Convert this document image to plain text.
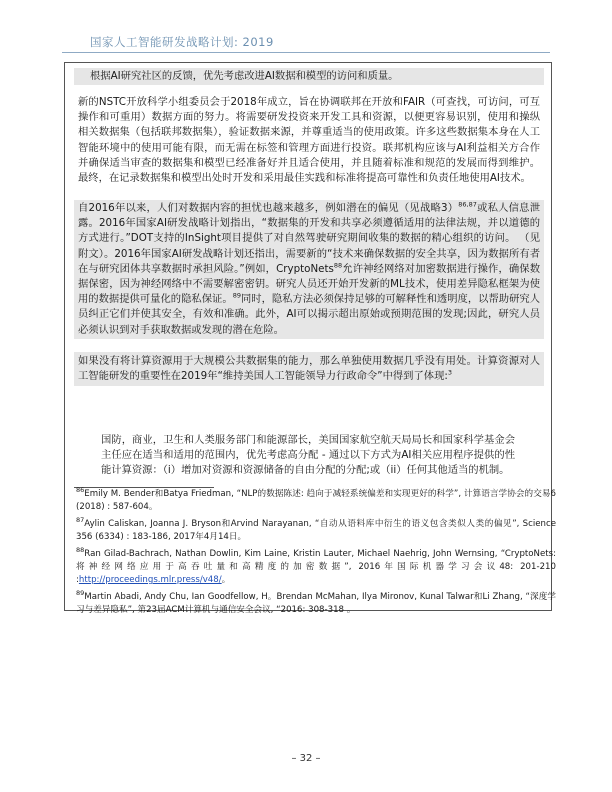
国家人工智能研发战略计划: 2019

根据AI研究社区的反馈，优先考虑改进AI数据和模型的访问和质量。

新的NSTC开放科学小组委员会于2018年成立，旨在协调联邦在开放和FAIR（可查找，可访问，可互操作和可重用）数据方面的努力。将需要研发投资来开发工具和资源，以便更容易识别，使用和操纵相关数据集（包括联邦数据集），验证数据来源，并尊重适当的使用政策。许多这些数据集本身在人工智能环境中的使用可能有限，而无需在标签和管理方面进行投资。联邦机构应该与AI利益相关方合作并确保适当审查的数据集和模型已经准备好并且适合使用，并且随着标准和规范的发展而得到维护。最终，在记录数据集和模型出处时开发和采用最佳实践和标准将提高可靠性和负责任地使用AI技术。

自2016年以来，人们对数据内容的担忧也越来越多，例如潜在的偏见（见战略3）$^{86,87}$或私人信息泄露。2016年国家AI研发战略计划指出，“数据集的开发和共享必须遵循适用的法律法规，并以道德的方式进行。”DOT支持的InSight项目提供了对自然驾驶研究期间收集的数据的精心组织的访问。 （见附文）。2016年国家AI研发战略计划还指出，需要新的“技术来确保数据的安全共享，因为数据所有者在与研究团体共享数据时承担风险。”例如，CryptoNets$^{88}$允许神经网络对加密数据进行操作，确保数据保密，因为神经网络中不需要解密密钥。研究人员还开始开发新的ML技术，使用差异隐私框架为使用的数据提供可量化的隐私保证。$^{89}$同时，隐私方法必须保持足够的可解释性和透明度，以帮助研究人员纠正它们并使其安全，有效和准确。此外，AI可以揭示超出原始或预期范围的发现;因此，研究人员必须认识到对手获取数据或发现的潜在危险。

如果没有将计算资源用于大规模公共数据集的能力，那么单独使用数据几乎没有用处。计算资源对人工智能研发的重要性在2019年“维持美国人工智能领导力行政命令”中得到了体现:$^3$

国防，商业，卫生和人类服务部门和能源部长，美国国家航空航天局局长和国家科学基金会主任应在适当和适用的范围内，优先考虑高分配 - 通过以下方式为AI相关应用程序提供的性能计算资源：（i）增加对资源和资源储备的自由分配的分配;或（ii）任何其他适当的机制。

$^{86}$Emily M. Bender和Batya Friedman, “NLP的数据陈述: 趋向于减轻系统偏差和实现更好的科学”, 计算语言学协会的交易6 (2018) : 587-604。

$^{87}$Aylin Caliskan, Joanna J. Bryson和Arvind Narayanan, “自动从语料库中衍生的语义包含类似人类的偏见”, Science 356 (6334) : 183-186, 2017年4月14日。

$^{88}$Ran Gilad-Bachrach, Nathan Dowlin, Kim Laine, Kristin Lauter, Michael Naehrig, John Wernsing, “CryptoNets: 将神经网络应用于高吞吐量和高精度的加密数据”, 2016年国际机器学习会议48: 201-210 :http://proceedings.mlr.press/v48/。

$^{89}$Martin Abadi, Andy Chu, Ian Goodfellow, H。Brendan McMahan, Ilya Mironov, Kunal Talwar和Li Zhang, “深度学习与差异隐私”, 第23届ACM计算机与通信安全会议, “2016: 308-318 。

– 32 –
